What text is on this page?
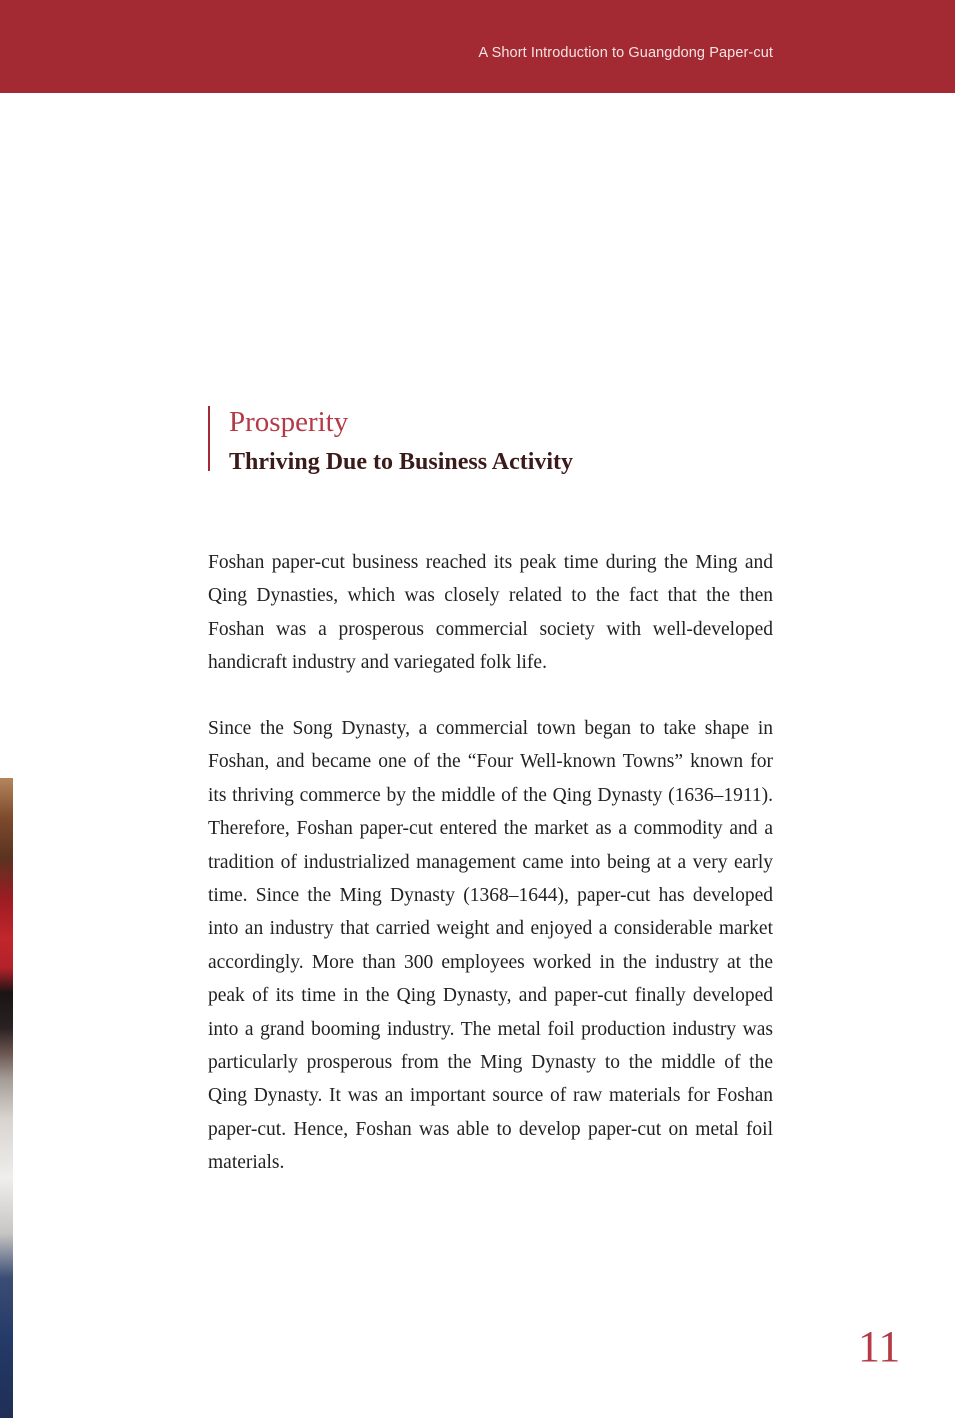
A Short Introduction to Guangdong Paper-cut
Prosperity
Thriving Due to Business Activity

Foshan paper-cut business reached its peak time during the Ming and Qing Dynasties, which was closely related to the fact that the then Foshan was a prosperous commercial society with well-developed handicraft industry and variegated folk life.

Since the Song Dynasty, a commercial town began to take shape in Foshan, and became one of the “Four Well-known Towns” known for its thriving commerce by the middle of the Qing Dynasty (1636–1911). Therefore, Foshan paper-cut entered the market as a commodity and a tradition of industrialized management came into being at a very early time. Since the Ming Dynasty (1368–1644), paper-cut has developed into an industry that carried weight and enjoyed a considerable market accordingly. More than 300 employees worked in the industry at the peak of its time in the Qing Dynasty, and paper-cut finally developed into a grand booming industry. The metal foil production industry was particularly prosperous from the Ming Dynasty to the middle of the Qing Dynasty. It was an important source of raw materials for Foshan paper-cut. Hence, Foshan was able to develop paper-cut on metal foil materials.

11
